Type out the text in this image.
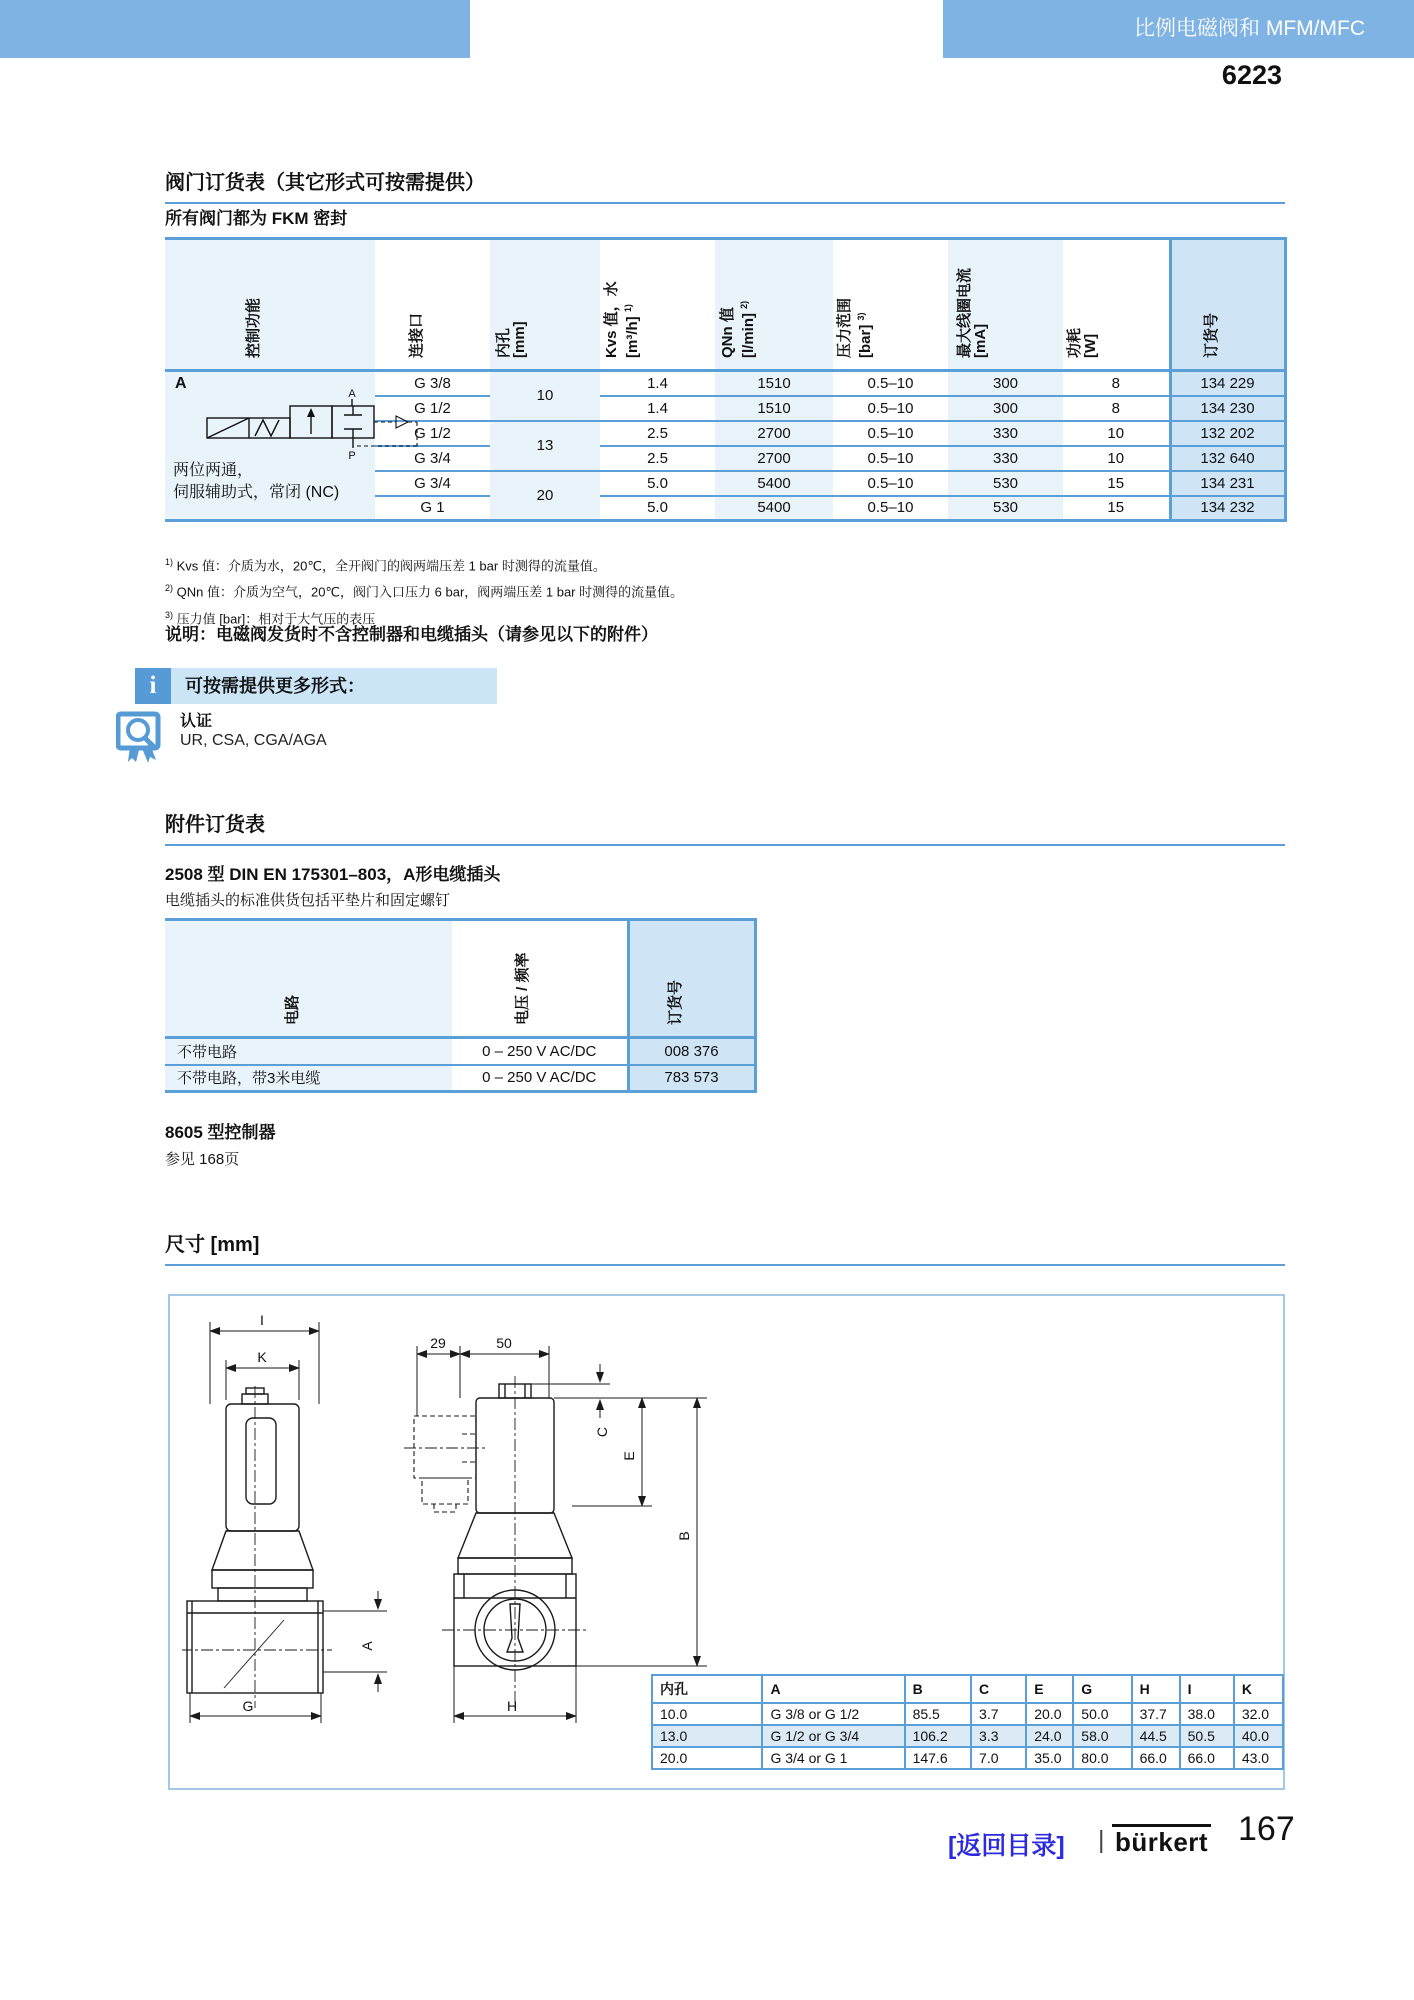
比例电磁阀和 MFM/MFC
6223
阀门订货表（其它形式可按需提供）
所有阀门都为 FKM 密封
控制功能	连接口	内孔
[mm]	Kvs 值，水 [m³/h] $^{1)}$	QNn 值 [l/min] $^{2)}$	压力范围 [bar] $^{3)}$	最大线圈电流
[mA]	功耗
[W]	订货号

A
A
P
两位两通，
伺服辅助式，常闭 (NC)	G 3/8	10	1.4	1510	0.5–10	300	8	134 229
	G 1/2		1.4	1510	0.5–10	300	8	134 230
	G 1/2	13	2.5	2700	0.5–10	330	10	132 202
	G 3/4		2.5	2700	0.5–10	330	10	132 640
	G 3/4	20	5.0	5400	0.5–10	530	15	134 231
	G 1		5.0	5400	0.5–10	530	15	134 232
$^{1)}$ Kvs 值：介质为水，20℃，全开阀门的阀两端压差 1 bar 时测得的流量值。
$^{2)}$ QNn 值：介质为空气，20℃，阀门入口压力 6 bar，阀两端压差 1 bar 时测得的流量值。
$^{3)}$ 压力值 [bar]：相对于大气压的表压
说明：电磁阀发货时不含控制器和电缆插头（请参见以下的附件）
i	可按需提供更多形式：
认证
UR, CSA, CGA/AGA
附件订货表
2508 型 DIN EN 175301–803，A形电缆插头
电缆插头的标准供货包括平垫片和固定螺钉
电路	电压 / 频率	订货号

不带电路	0 – 250 V AC/DC	008 376
不带电路，带3米电缆	0 – 250 V AC/DC	783 573
8605 型控制器
参见 168页
尺寸 [mm]
I
K
A
G
29	50
C
E
B
H
内孔	A	B	C	E	G	H	I	K
10.0	G 3/8 or G 1/2	85.5	3.7	20.0	50.0	37.7	38.0	32.0
13.0	G 1/2 or G 3/4	106.2	3.3	24.0	58.0	44.5	50.5	40.0
20.0	G 3/4 or G 1	147.6	7.0	35.0	80.0	66.0	66.0	43.0
[返回目录] | bürkert 167
